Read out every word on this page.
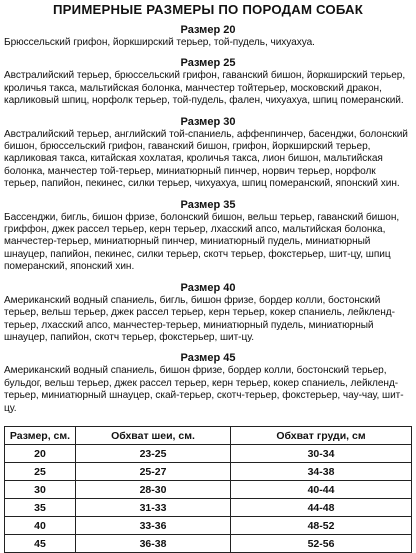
ПРИМЕРНЫЕ РАЗМЕРЫ ПО ПОРОДАМ СОБАК
Размер 20

Брюссельский грифон, йоркширский терьер, той-пудель, чихуахуа.

Размер 25

Австралийский терьер, брюссельский грифон, гаванский бишон, йоркширский терьер, кроличья такса, мальтийская болонка, манчестер тойтерьер, московский дракон, карликовый шпиц, норфолк терьер, той-пудель, фален, чихуахуа, шпиц померанский.

Размер 30

Австралийский терьер, английский той-спаниель, аффенпинчер, басенджи, болонский бишон, брюссельский грифон, гаванский бишон, грифон, йоркширский терьер, карликовая такса, китайская хохлатая, кроличья такса, лион бишон, мальтийская болонка, манчестер той-терьер, миниатюрный пинчер, норвич терьер, норфолк терьер, папийон, пекинес, силки терьер, чихуахуа, шпиц померанский, японский хин.

Размер 35

Бассенджи, бигль, бишон фризе, болонский бишон, вельш терьер, гаванский бишон, гриффон, джек рассел терьер, керн терьер, лхасский апсо, мальтийская болонка, манчестер-терьер, миниатюрный пинчер, миниатюрный пудель, миниатюрный шнауцер, папийон, пекинес, силки терьер, скотч терьер, фокстерьер, шит-цу, шпиц померанский, японский хин.

Размер 40

Американский водный спаниель, бигль, бишон фризе, бордер колли, бостонский терьер, вельш терьер, джек рассел терьер, керн терьер, кокер спаниель, лейкленд-терьер, лхасский апсо, манчестер-терьер, миниатюрный пудель, миниатюрный шнауцер, папийон, скотч терьер, фокстерьер, шит-цу.

Размер 45

Американский водный спаниель, бишон фризе, бордер колли, бостонский терьер, бульдог, вельш терьер, джек рассел терьер, керн терьер, кокер спаниель, лейкленд-терьер, миниатюрный шнауцер, скай-терьер, скотч-терьер, фокстерьер, чау-чау, шит-цу.

Размер, см.	Обхват шеи, см.	Обхват груди, см
20	23-25	30-34
25	25-27	34-38
30	28-30	40-44
35	31-33	44-48
40	33-36	48-52
45	36-38	52-56
